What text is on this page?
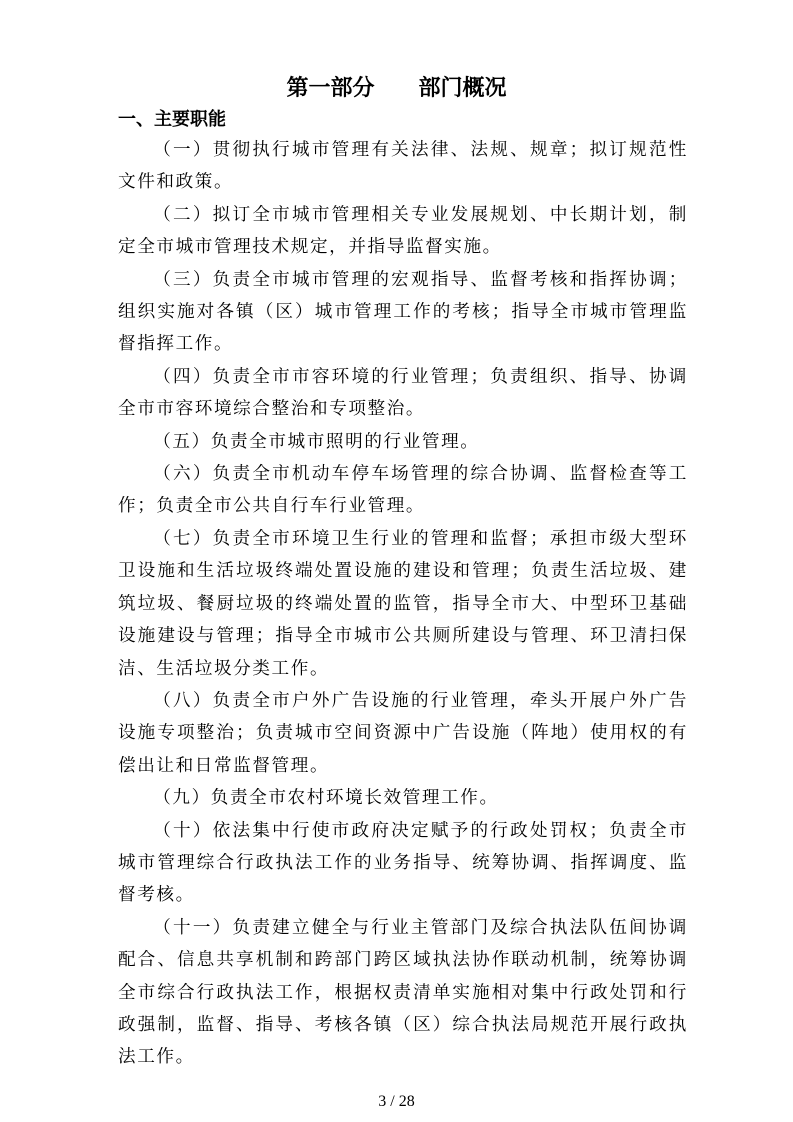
第一部分 部门概况
一、主要职能

（一）贯彻执行城市管理有关法律、法规、规章；拟订规范性文件和政策。

（二）拟订全市城市管理相关专业发展规划、中长期计划，制定全市城市管理技术规定，并指导监督实施。

（三）负责全市城市管理的宏观指导、监督考核和指挥协调；组织实施对各镇（区）城市管理工作的考核；指导全市城市管理监督指挥工作。

（四）负责全市市容环境的行业管理；负责组织、指导、协调全市市容环境综合整治和专项整治。

（五）负责全市城市照明的行业管理。

（六）负责全市机动车停车场管理的综合协调、监督检查等工作；负责全市公共自行车行业管理。

（七）负责全市环境卫生行业的管理和监督；承担市级大型环卫设施和生活垃圾终端处置设施的建设和管理；负责生活垃圾、建筑垃圾、餐厨垃圾的终端处置的监管，指导全市大、中型环卫基础设施建设与管理；指导全市城市公共厕所建设与管理、环卫清扫保洁、生活垃圾分类工作。

（八）负责全市户外广告设施的行业管理，牵头开展户外广告设施专项整治；负责城市空间资源中广告设施（阵地）使用权的有偿出让和日常监督管理。

（九）负责全市农村环境长效管理工作。

（十）依法集中行使市政府决定赋予的行政处罚权；负责全市城市管理综合行政执法工作的业务指导、统筹协调、指挥调度、监督考核。

（十一）负责建立健全与行业主管部门及综合执法队伍间协调配合、信息共享机制和跨部门跨区域执法协作联动机制，统筹协调全市综合行政执法工作，根据权责清单实施相对集中行政处罚和行政强制，监督、指导、考核各镇（区）综合执法局规范开展行政执法工作。

3 / 28
